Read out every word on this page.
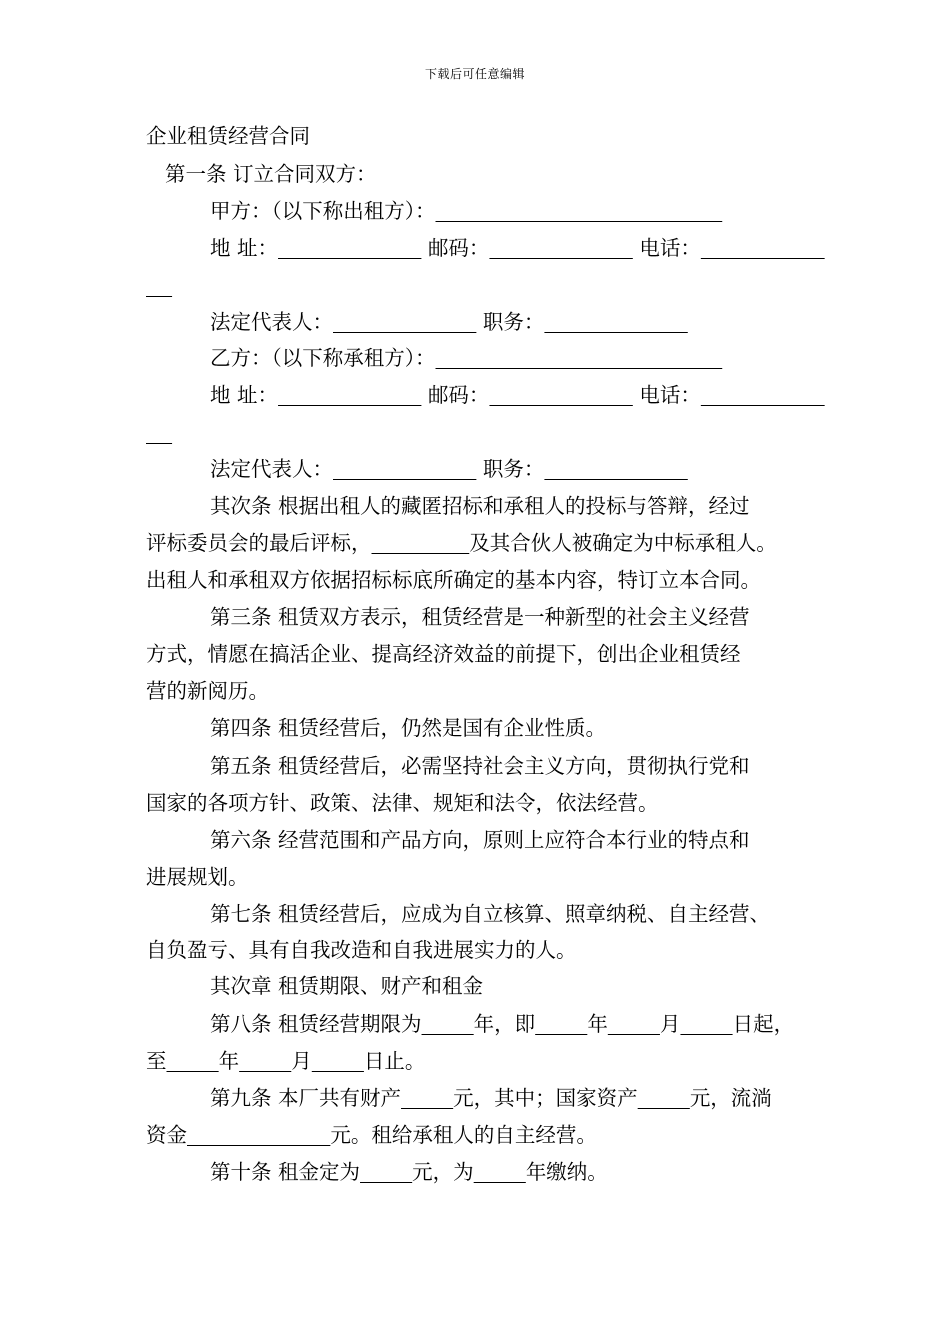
下载后可任意编辑
企业租赁经营合同
第一条 订立合同双方：
甲方：（以下称出租方）：
地 址：	邮码：	电话：

法定代表人：	职务：
乙方：（以下称承租方）：
地 址：	邮码：	电话：

法定代表人：	职务：
其次条 根据出租人的藏匿招标和承租人的投标与答辩，经过
评标委员会的最后评标，	及其合伙人被确定为中标承租人。
出租人和承租双方依据招标标底所确定的基本内容，特订立本合同。
第三条 租赁双方表示，租赁经营是一种新型的社会主义经营
方式，情愿在搞活企业、提高经济效益的前提下，创出企业租赁经
营的新阅历。
第四条 租赁经营后，仍然是国有企业性质。
第五条 租赁经营后，必需坚持社会主义方向，贯彻执行党和
国家的各项方针、政策、法律、规矩和法令，依法经营。
第六条 经营范围和产品方向，原则上应符合本行业的特点和
进展规划。
第七条 租赁经营后，应成为自立核算、照章纳税、自主经营、
自负盈亏、具有自我改造和自我进展实力的人。
其次章 租赁期限、财产和租金
第八条 租赁经营期限为	年，即	年	月	日起，
至	年	月	日止。
第九条 本厂共有财产	元，其中；国家资产	元，流淌
资金	元。租给承租人的自主经营。
第十条 租金定为	元，为	年缴纳。
